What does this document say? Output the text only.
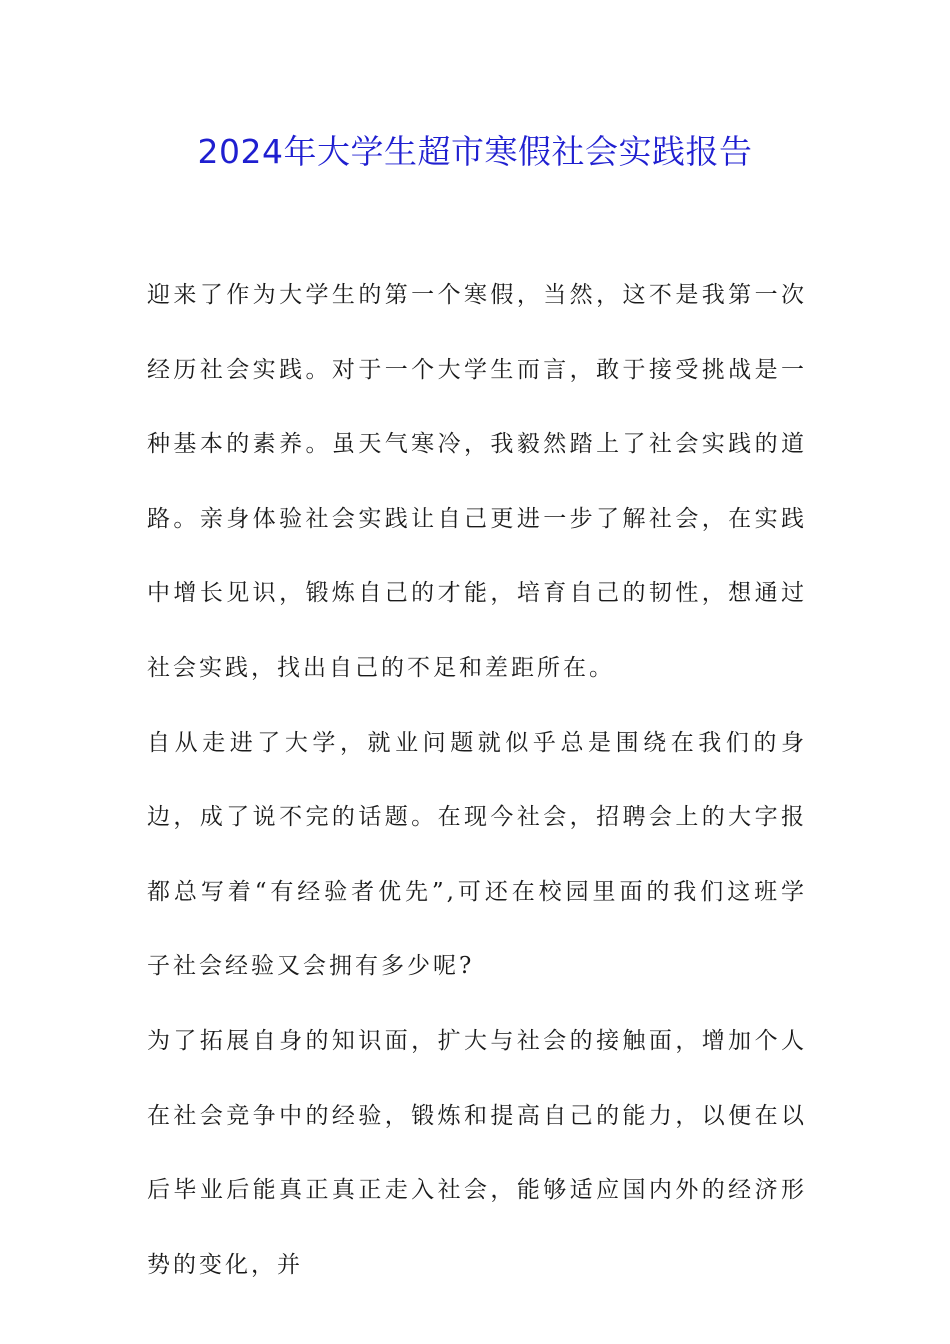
2024年大学生超市寒假社会实践报告

迎来了作为大学生的第一个寒假，当然，这不是我第一次经历社会实践。对于一个大学生而言，敢于接受挑战是一种基本的素养。虽天气寒冷，我毅然踏上了社会实践的道路。亲身体验社会实践让自己更进一步了解社会，在实践中增长见识，锻炼自己的才能，培育自己的韧性，想通过社会实践，找出自己的不足和差距所在。

自从走进了大学，就业问题就似乎总是围绕在我们的身边，成了说不完的话题。在现今社会，招聘会上的大字报都总写着“有经验者优先”,可还在校园里面的我们这班学子社会经验又会拥有多少呢?

为了拓展自身的知识面，扩大与社会的接触面，增加个人在社会竞争中的经验，锻炼和提高自己的能力，以便在以后毕业后能真正真正走入社会，能够适应国内外的经济形势的变化，并
